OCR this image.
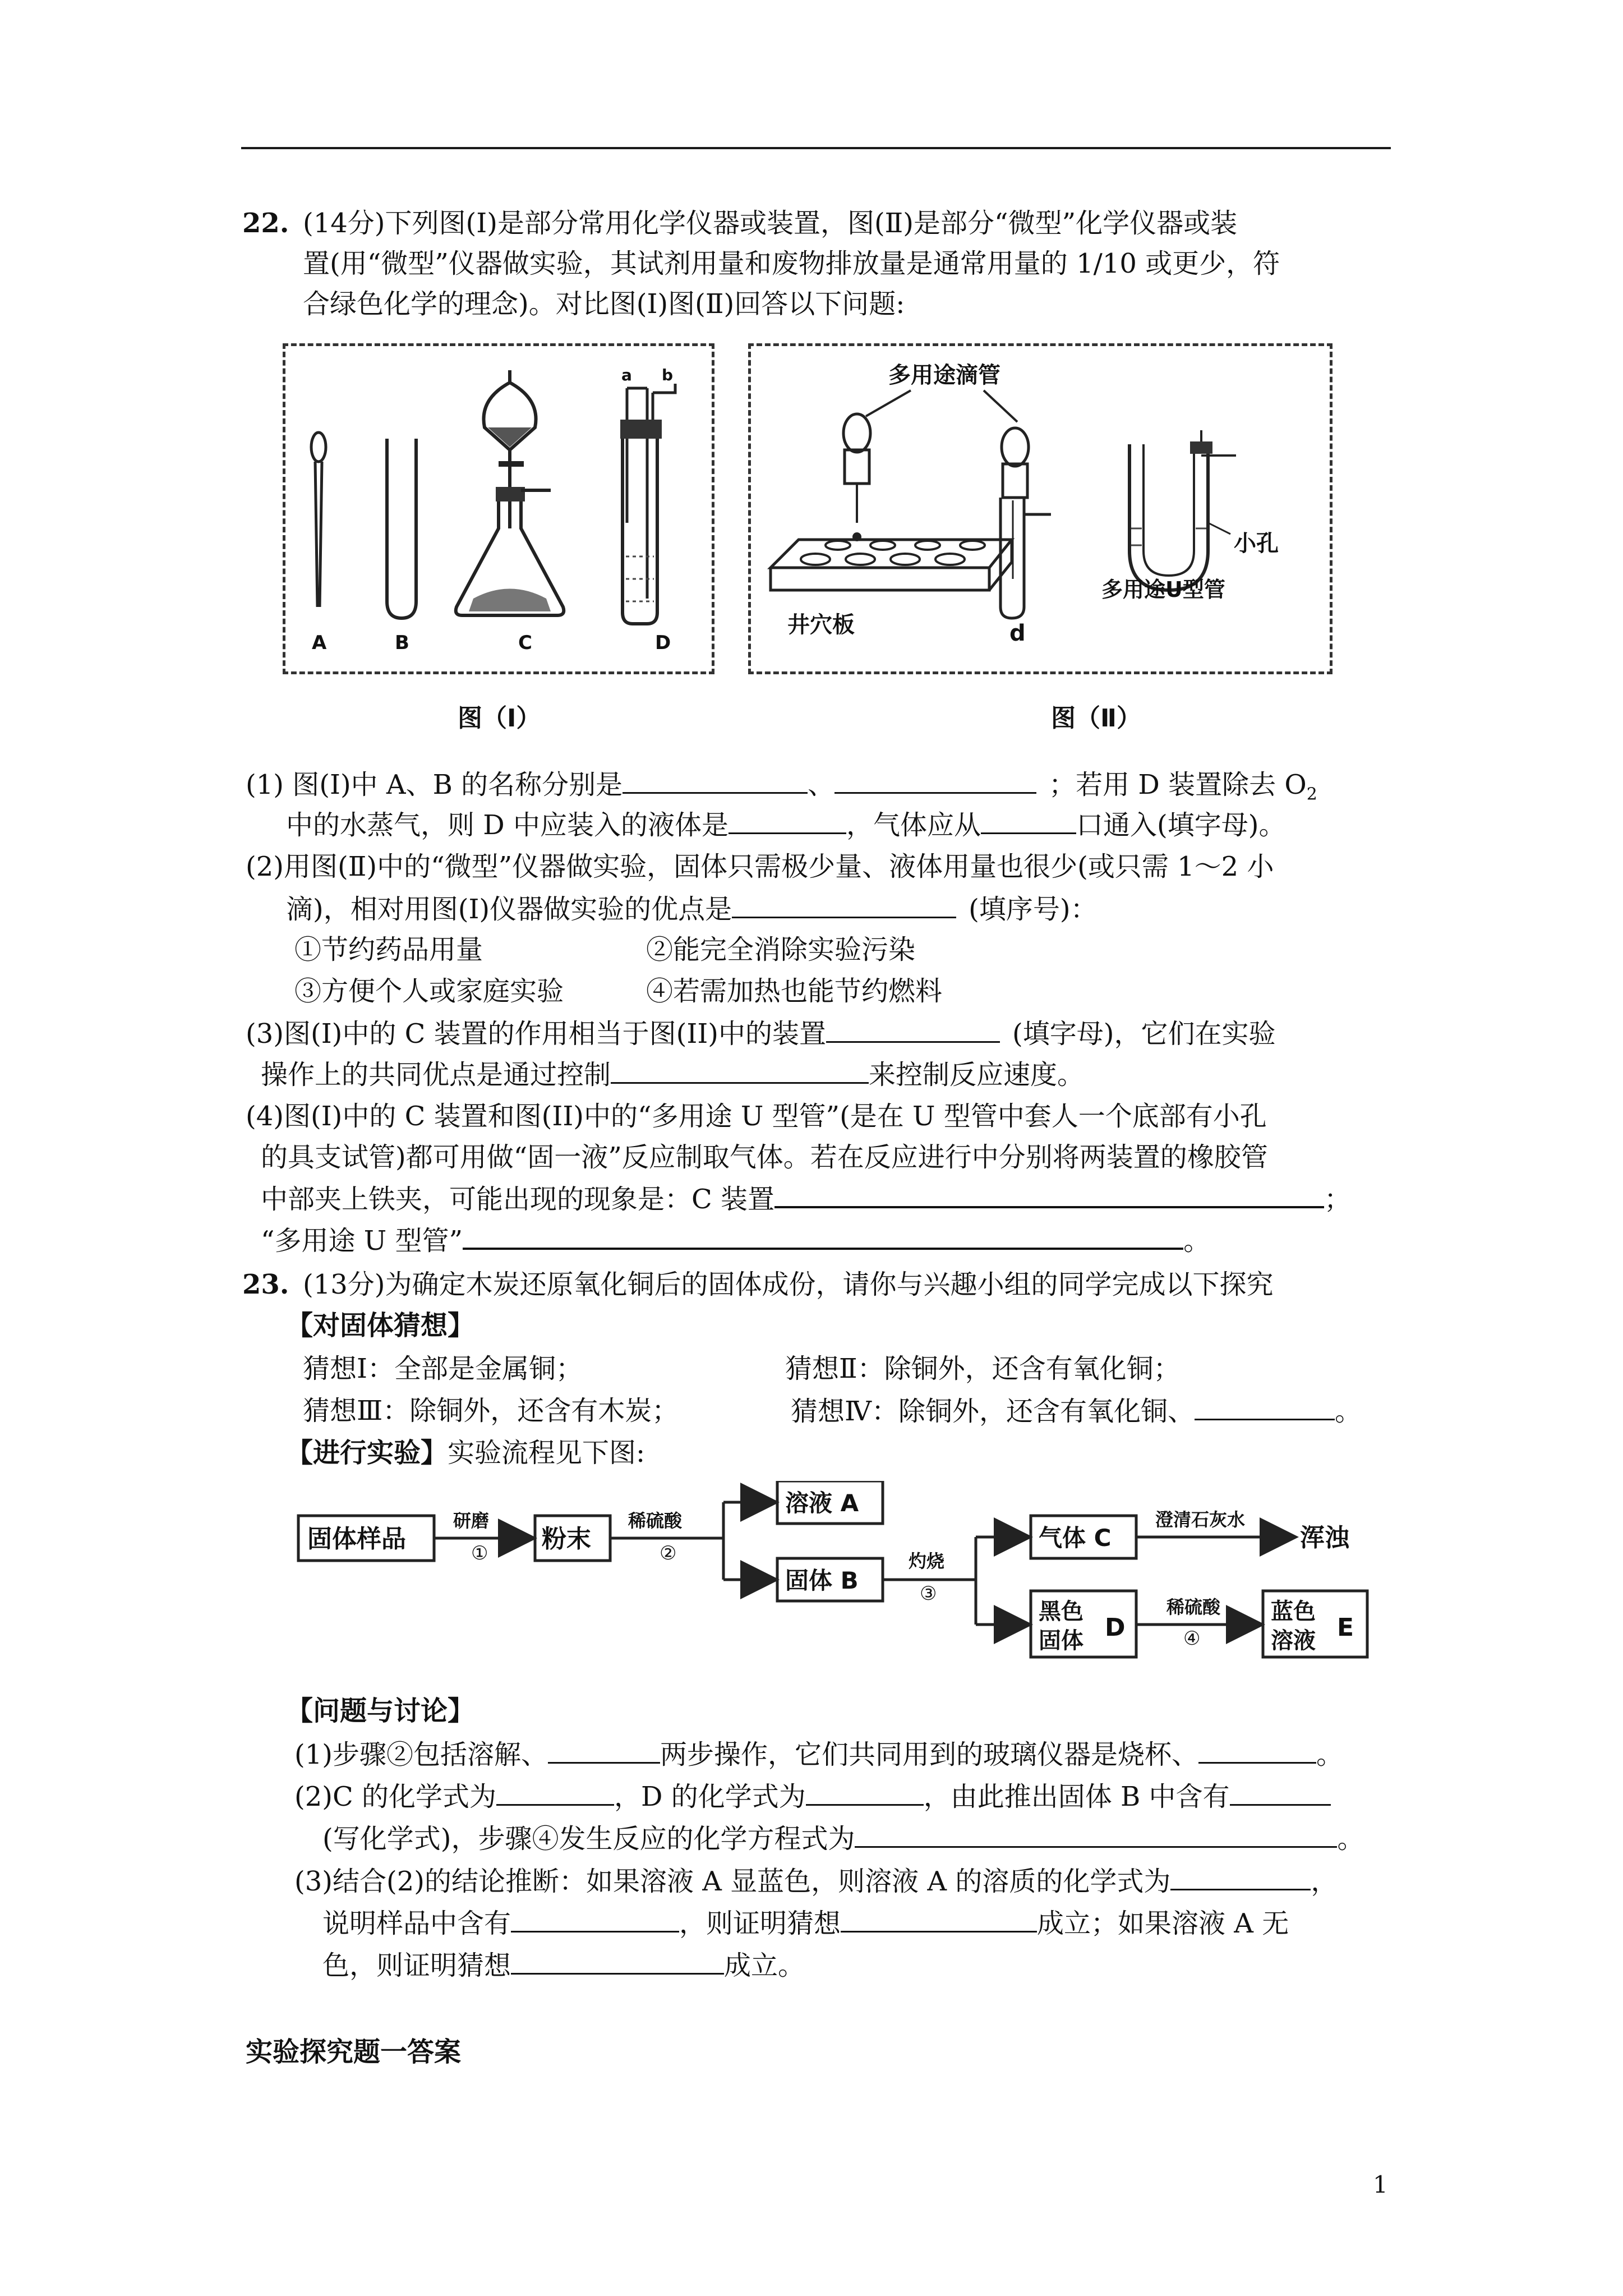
22. (14分)下列图(Ⅰ)是部分常用化学仪器或装置，图(Ⅱ)是部分“微型”化学仪器或装
置(用“微型”仪器做实验，其试剂用量和废物排放量是通常用量的 1/10 或更少，符
合绿色化学的理念)。对比图(I)图(Ⅱ)回答以下问题:
a b
A	B	C	D
图（Ⅰ）
多用途滴管
井穴板	d
小孔
多用途U型管
图（Ⅱ）
(1) 图(Ⅰ)中 A、B 的名称分别是	、	；若用 D 装置除去 $O_2$
中的水蒸气，则 D 中应装入的液体是	，气体应从	口通入(填字母)。
(2)用图(Ⅱ)中的“微型”仪器做实验，固体只需极少量、液体用量也很少(或只需 1～2 小
滴)，相对用图(I)仪器做实验的优点是	(填序号)：
①节约药品用量	②能完全消除实验污染
③方便个人或家庭实验	④若需加热也能节约燃料
(3)图(I)中的 C 装置的作用相当于图(II)中的装置	(填字母)，它们在实验
操作上的共同优点是通过控制	来控制反应速度。
(4)图(Ⅰ)中的 C 装置和图(II)中的“多用途 U 型管”(是在 U 型管中套人一个底部有小孔
的具支试管)都可用做“固一液”反应制取气体。若在反应进行中分别将两装置的橡胶管
中部夹上铁夹，可能出现的现象是：C 装置	；
“多用途 U 型管”	。
23. (13分)为确定木炭还原氧化铜后的固体成份，请你与兴趣小组的同学完成以下探究
【对固体猜想】
猜想Ⅰ：全部是金属铜；	猜想Ⅱ：除铜外，还含有氧化铜；
猜想Ⅲ：除铜外，还含有木炭；	猜想Ⅳ：除铜外，还含有氧化铜、	。
【进行实验】实验流程见下图:
固体样品	粉末
溶液 A
固体 B
气体 C
黑色
固体 D
蓝色
溶液 E
浑浊
研磨
①
稀硫酸
②	灼烧
③
澄清石灰水
稀硫酸
④
【问题与讨论】
(1)步骤②包括溶解、	两步操作，它们共同用到的玻璃仪器是烧杯、	。
(2)C 的化学式为	，D 的化学式为	，由此推出固体 B 中含有
(写化学式)，步骤④发生反应的化学方程式为	。
(3)结合(2)的结论推断：如果溶液 A 显蓝色，则溶液 A 的溶质的化学式为	，
说明样品中含有	，则证明猜想	成立；如果溶液 A 无
色，则证明猜想	成立。
实验探究题一答案
1
